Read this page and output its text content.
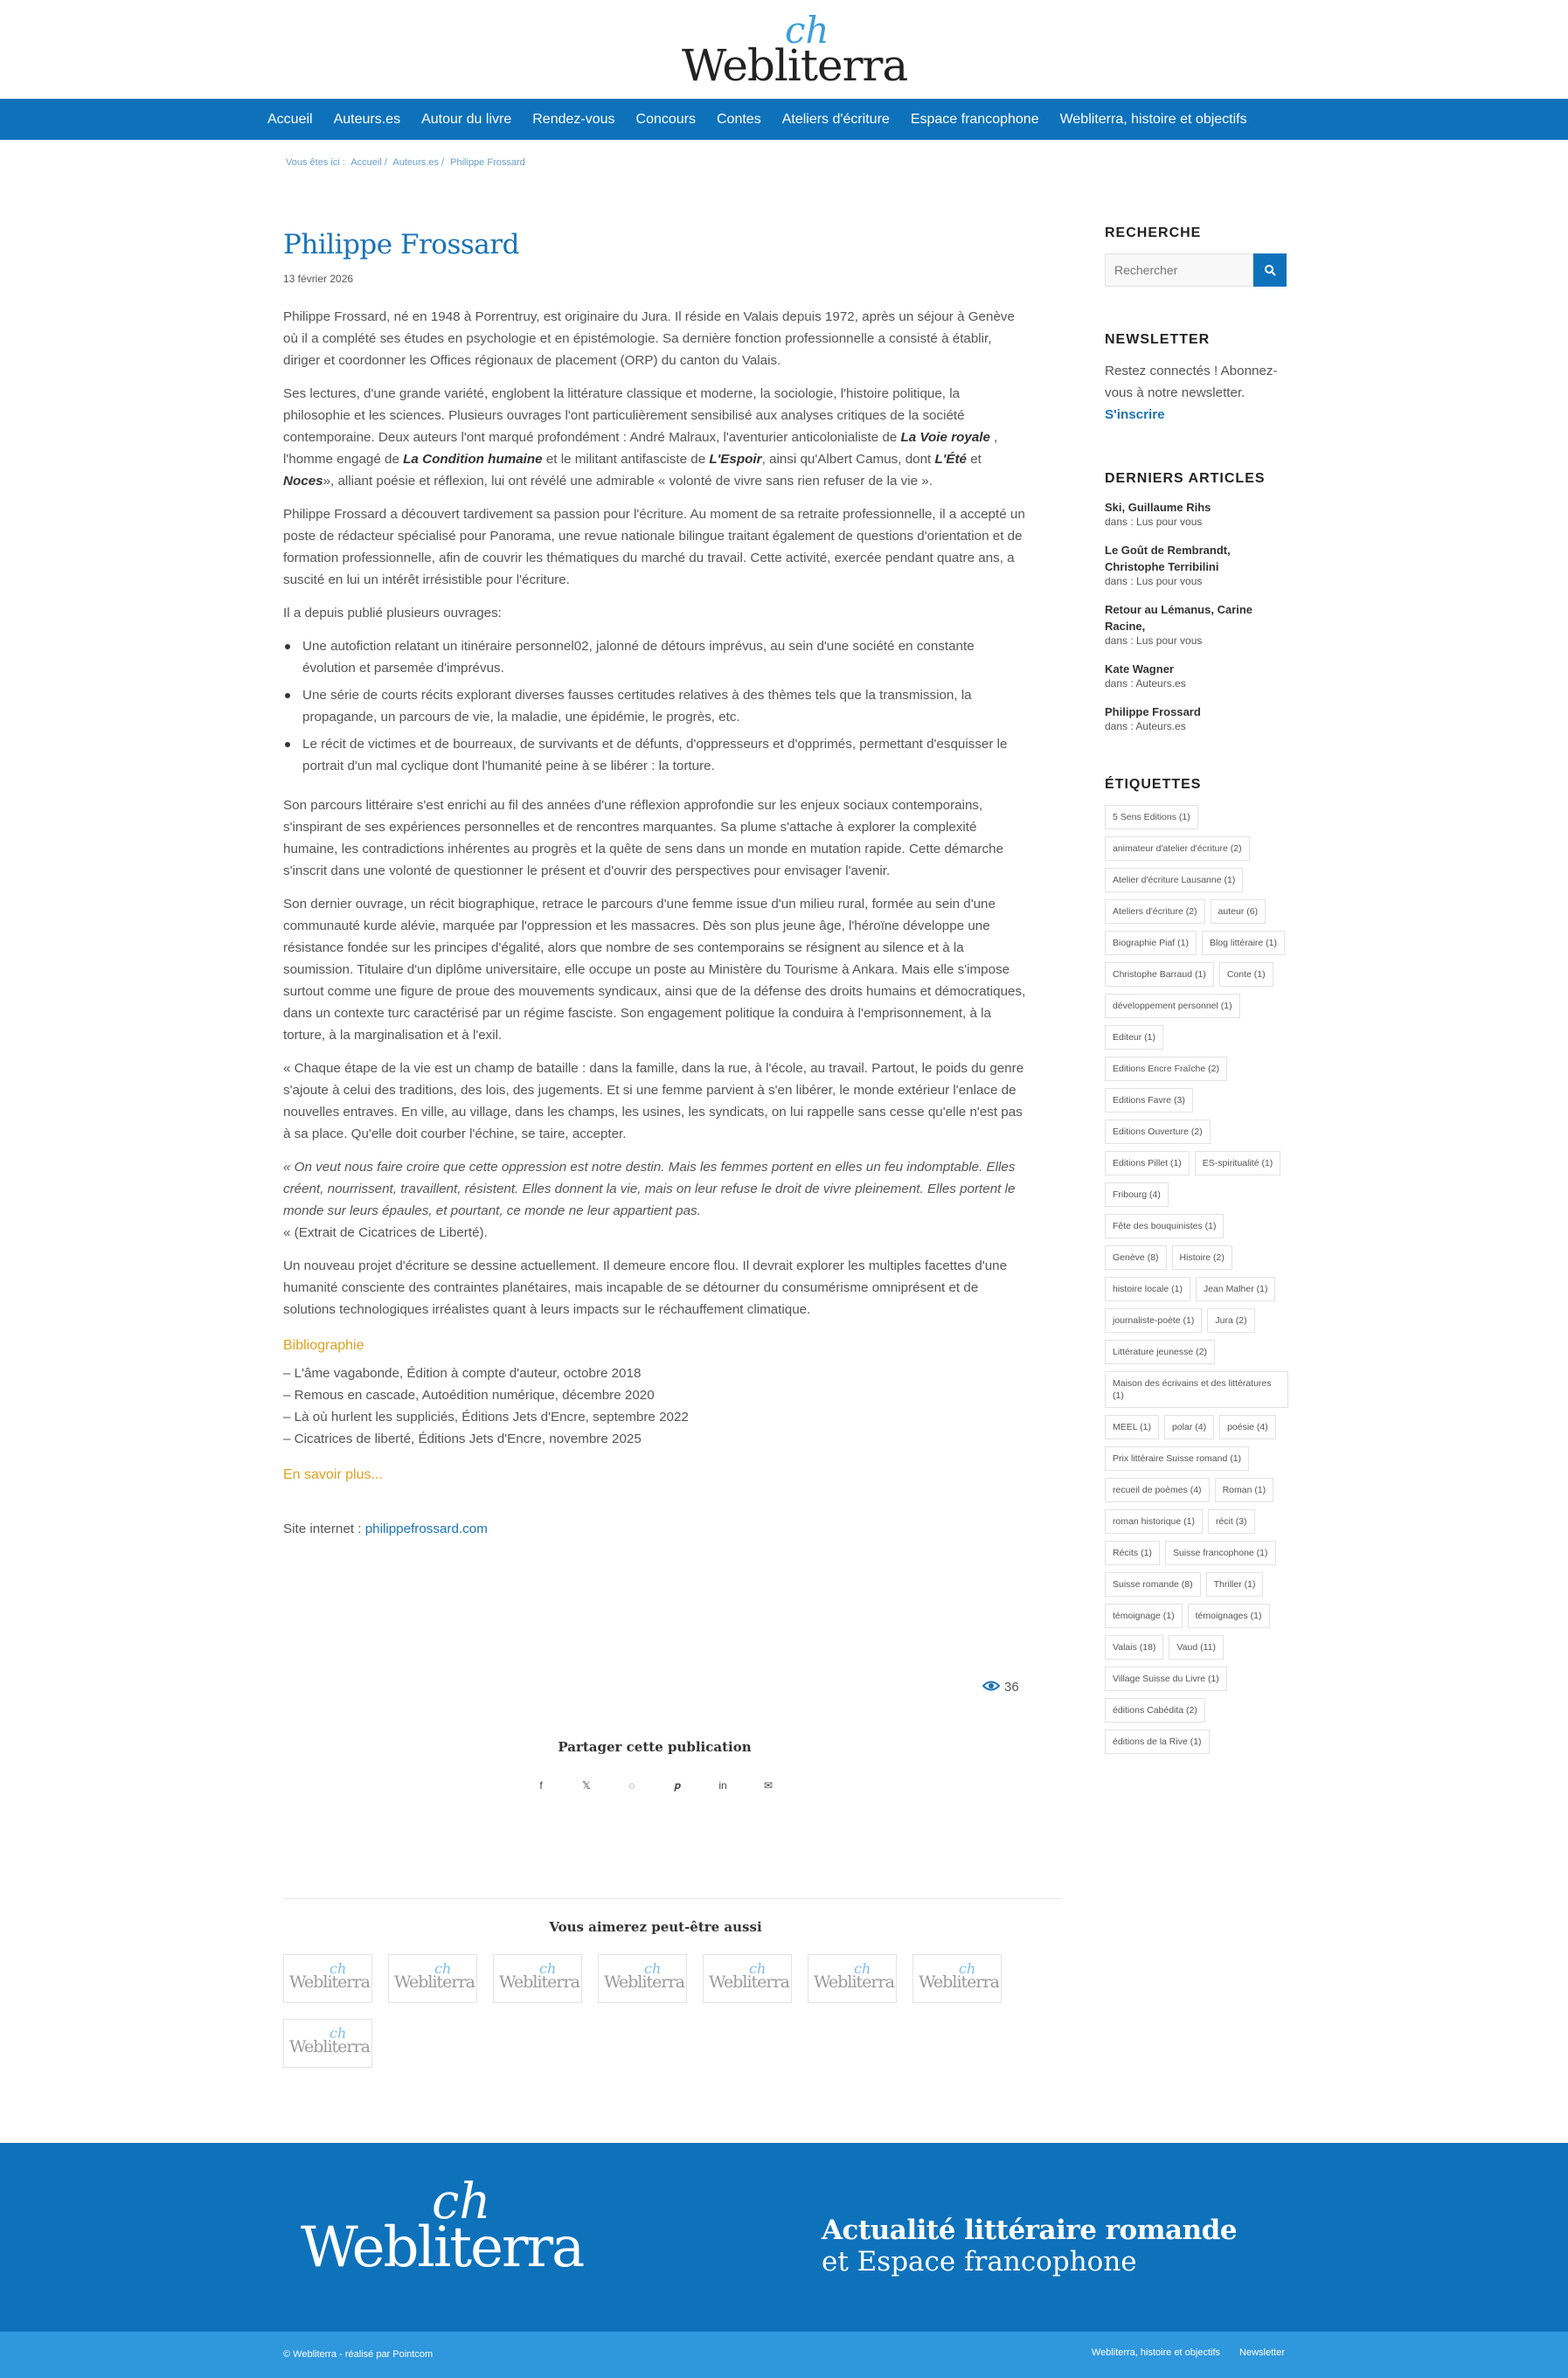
ch
Webliterra
Accueil Auteurs.es Autour du livre Rendez-vous Concours Contes Ateliers d'écriture Espace francophone Webliterra, histoire et objectifs
Vous êtes ici : Accueil / Auteurs.es / Philippe Frossard
Philippe Frossard
13 février 2026

Philippe Frossard, né en 1948 à Porrentruy, est originaire du Jura. Il réside en Valais depuis 1972, après un séjour à Genève où il a complété ses études en psychologie et en épistémologie. Sa dernière fonction professionnelle a consisté à établir, diriger et coordonner les Offices régionaux de placement (ORP) du canton du Valais.

Ses lectures, d'une grande variété, englobent la littérature classique et moderne, la sociologie, l'histoire politique, la philosophie et les sciences. Plusieurs ouvrages l'ont particulièrement sensibilisé aux analyses critiques de la société contemporaine. Deux auteurs l'ont marqué profondément : André Malraux, l'aventurier anticolonialiste de La Voie royale , l'homme engagé de La Condition humaine et le militant antifasciste de L'Espoir, ainsi qu'Albert Camus, dont L'Été et Noces», alliant poésie et réflexion, lui ont révélé une admirable « volonté de vivre sans rien refuser de la vie ».

Philippe Frossard a découvert tardivement sa passion pour l'écriture. Au moment de sa retraite professionnelle, il a accepté un poste de rédacteur spécialisé pour Panorama, une revue nationale bilingue traitant également de questions d'orientation et de formation professionnelle, afin de couvrir les thématiques du marché du travail. Cette activité, exercée pendant quatre ans, a suscité en lui un intérêt irrésistible pour l'écriture.

Il a depuis publié plusieurs ouvrages:

Une autofiction relatant un itinéraire personnel02, jalonné de détours imprévus, au sein d'une société en constante évolution et parsemée d'imprévus.
Une série de courts récits explorant diverses fausses certitudes relatives à des thèmes tels que la transmission, la propagande, un parcours de vie, la maladie, une épidémie, le progrès, etc.
Le récit de victimes et de bourreaux, de survivants et de défunts, d'oppresseurs et d'opprimés, permettant d'esquisser le portrait d'un mal cyclique dont l'humanité peine à se libérer : la torture.

Son parcours littéraire s'est enrichi au fil des années d'une réflexion approfondie sur les enjeux sociaux contemporains, s'inspirant de ses expériences personnelles et de rencontres marquantes. Sa plume s'attache à explorer la complexité humaine, les contradictions inhérentes au progrès et la quête de sens dans un monde en mutation rapide. Cette démarche s'inscrit dans une volonté de questionner le présent et d'ouvrir des perspectives pour envisager l'avenir.

Son dernier ouvrage, un récit biographique, retrace le parcours d'une femme issue d'un milieu rural, formée au sein d'une communauté kurde alévie, marquée par l'oppression et les massacres. Dès son plus jeune âge, l'héroïne développe une résistance fondée sur les principes d'égalité, alors que nombre de ses contemporains se résignent au silence et à la soumission. Titulaire d'un diplôme universitaire, elle occupe un poste au Ministère du Tourisme à Ankara. Mais elle s'impose surtout comme une figure de proue des mouvements syndicaux, ainsi que de la défense des droits humains et démocratiques, dans un contexte turc caractérisé par un régime fasciste. Son engagement politique la conduira à l'emprisonnement, à la torture, à la marginalisation et à l'exil.

« Chaque étape de la vie est un champ de bataille : dans la famille, dans la rue, à l'école, au travail. Partout, le poids du genre s'ajoute à celui des traditions, des lois, des jugements. Et si une femme parvient à s'en libérer, le monde extérieur l'enlace de nouvelles entraves. En ville, au village, dans les champs, les usines, les syndicats, on lui rappelle sans cesse qu'elle n'est pas à sa place. Qu'elle doit courber l'échine, se taire, accepter.

« On veut nous faire croire que cette oppression est notre destin. Mais les femmes portent en elles un feu indomptable. Elles créent, nourrissent, travaillent, résistent. Elles donnent la vie, mais on leur refuse le droit de vivre pleinement. Elles portent le monde sur leurs épaules, et pourtant, ce monde ne leur appartient pas.
« (Extrait de Cicatrices de Liberté).

Un nouveau projet d'écriture se dessine actuellement. Il demeure encore flou. Il devrait explorer les multiples facettes d'une humanité consciente des contraintes planétaires, mais incapable de se détourner du consumérisme omniprésent et de solutions technologiques irréalistes quant à leurs impacts sur le réchauffement climatique.

Bibliographie
– L'âme vagabonde, Édition à compte d'auteur, octobre 2018
– Remous en cascade, Autoédition numérique, décembre 2020
– Là où hurlent les suppliciés, Éditions Jets d'Encre, septembre 2022
– Cicatrices de liberté, Éditions Jets d'Encre, novembre 2025
En savoir plus...
Site internet : philippefrossard.com
36
Partager cette publication
f	𝕏	◌	𝒑	in	✉
Vous aimerez peut-être aussi
ch
Webliterra
ch
Webliterra
ch
Webliterra
ch
Webliterra
ch
Webliterra
ch
Webliterra
ch
Webliterra
ch
Webliterra
RECHERCHE
Rechercher
NEWSLETTER
Restez connectés ! Abonnez-vous à notre newsletter.
S'inscrire
DERNIERS ARTICLES
Ski, Guillaume Rihs
dans : Lus pour vous
Le Goût de Rembrandt, Christophe Terribilini
dans : Lus pour vous
Retour au Lémanus, Carine Racine,
dans : Lus pour vous
Kate Wagner
dans : Auteurs.es
Philippe Frossard
dans : Auteurs.es
ÉTIQUETTES
5 Sens Editions (1)
animateur d'atelier d'écriture (2)
Atelier d'écriture Lausanne (1)
Ateliers d'écriture (2)	auteur (6)
Biographie Piaf (1)	Blog littéraire (1)
Christophe Barraud (1)	Conte (1)
développement personnel (1)
Editeur (1)
Editions Encre Fraîche (2)
Editions Favre (3)
Editions Ouverture (2)
Editions Pillet (1)	ES-spiritualité (1)
Fribourg (4)
Fête des bouquinistes (1)
Genève (8)	Histoire (2)
histoire locale (1)	Jean Malher (1)
journaliste-poète (1)	Jura (2)
Littérature jeunesse (2)
Maison des écrivains et des littératures (1)
MEEL (1)	polar (4)	poésie (4)
Prix littéraire Suisse romand (1)
recueil de poèmes (4)	Roman (1)
roman historique (1)	récit (3)
Récits (1)	Suisse francophone (1)
Suisse romande (8)	Thriller (1)
témoignage (1)	témoignages (1)
Valais (18)	Vaud (11)
Village Suisse du Livre (1)
éditions Cabédita (2)
éditions de la Rive (1)
ch
Webliterra	Actualité littéraire romande
et Espace francophone
© Webliterra - réalisé par Pointcom	Webliterra, histoire et objectifs Newsletter
